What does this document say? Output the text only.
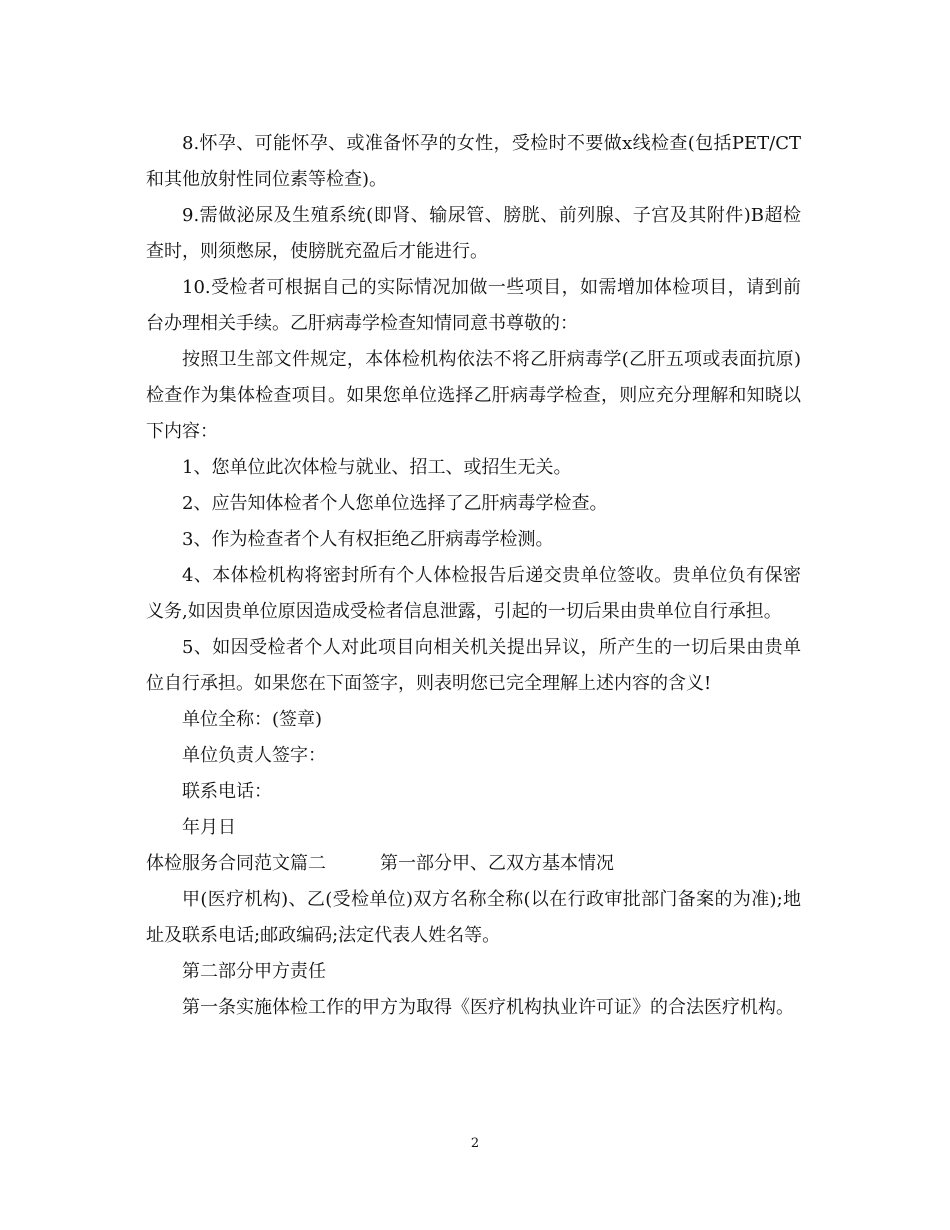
8.怀孕、可能怀孕、或准备怀孕的女性，受检时不要做x线检查(包括PET/CT和其他放射性同位素等检查)。

9.需做泌尿及生殖系统(即肾、输尿管、膀胱、前列腺、子宫及其附件)B超检查时，则须憋尿，使膀胱充盈后才能进行。

10.受检者可根据自己的实际情况加做一些项目，如需增加体检项目，请到前台办理相关手续。乙肝病毒学检查知情同意书尊敬的：

按照卫生部文件规定，本体检机构依法不将乙肝病毒学(乙肝五项或表面抗原)检查作为集体检查项目。如果您单位选择乙肝病毒学检查，则应充分理解和知晓以下内容：

1、您单位此次体检与就业、招工、或招生无关。

2、应告知体检者个人您单位选择了乙肝病毒学检查。

3、作为检查者个人有权拒绝乙肝病毒学检测。

4、本体检机构将密封所有个人体检报告后递交贵单位签收。贵单位负有保密义务,如因贵单位原因造成受检者信息泄露，引起的一切后果由贵单位自行承担。

5、如因受检者个人对此项目向相关机关提出异议，所产生的一切后果由贵单位自行承担。如果您在下面签字，则表明您已完全理解上述内容的含义!

单位全称：(签章)

单位负责人签字：

联系电话：

年月日

体检服务合同范文篇二	第一部分甲、乙双方基本情况

甲(医疗机构)、乙(受检单位)双方名称全称(以在行政审批部门备案的为准);地址及联系电话;邮政编码;法定代表人姓名等。

第二部分甲方责任

第一条实施体检工作的甲方为取得《医疗机构执业许可证》的合法医疗机构。

2
